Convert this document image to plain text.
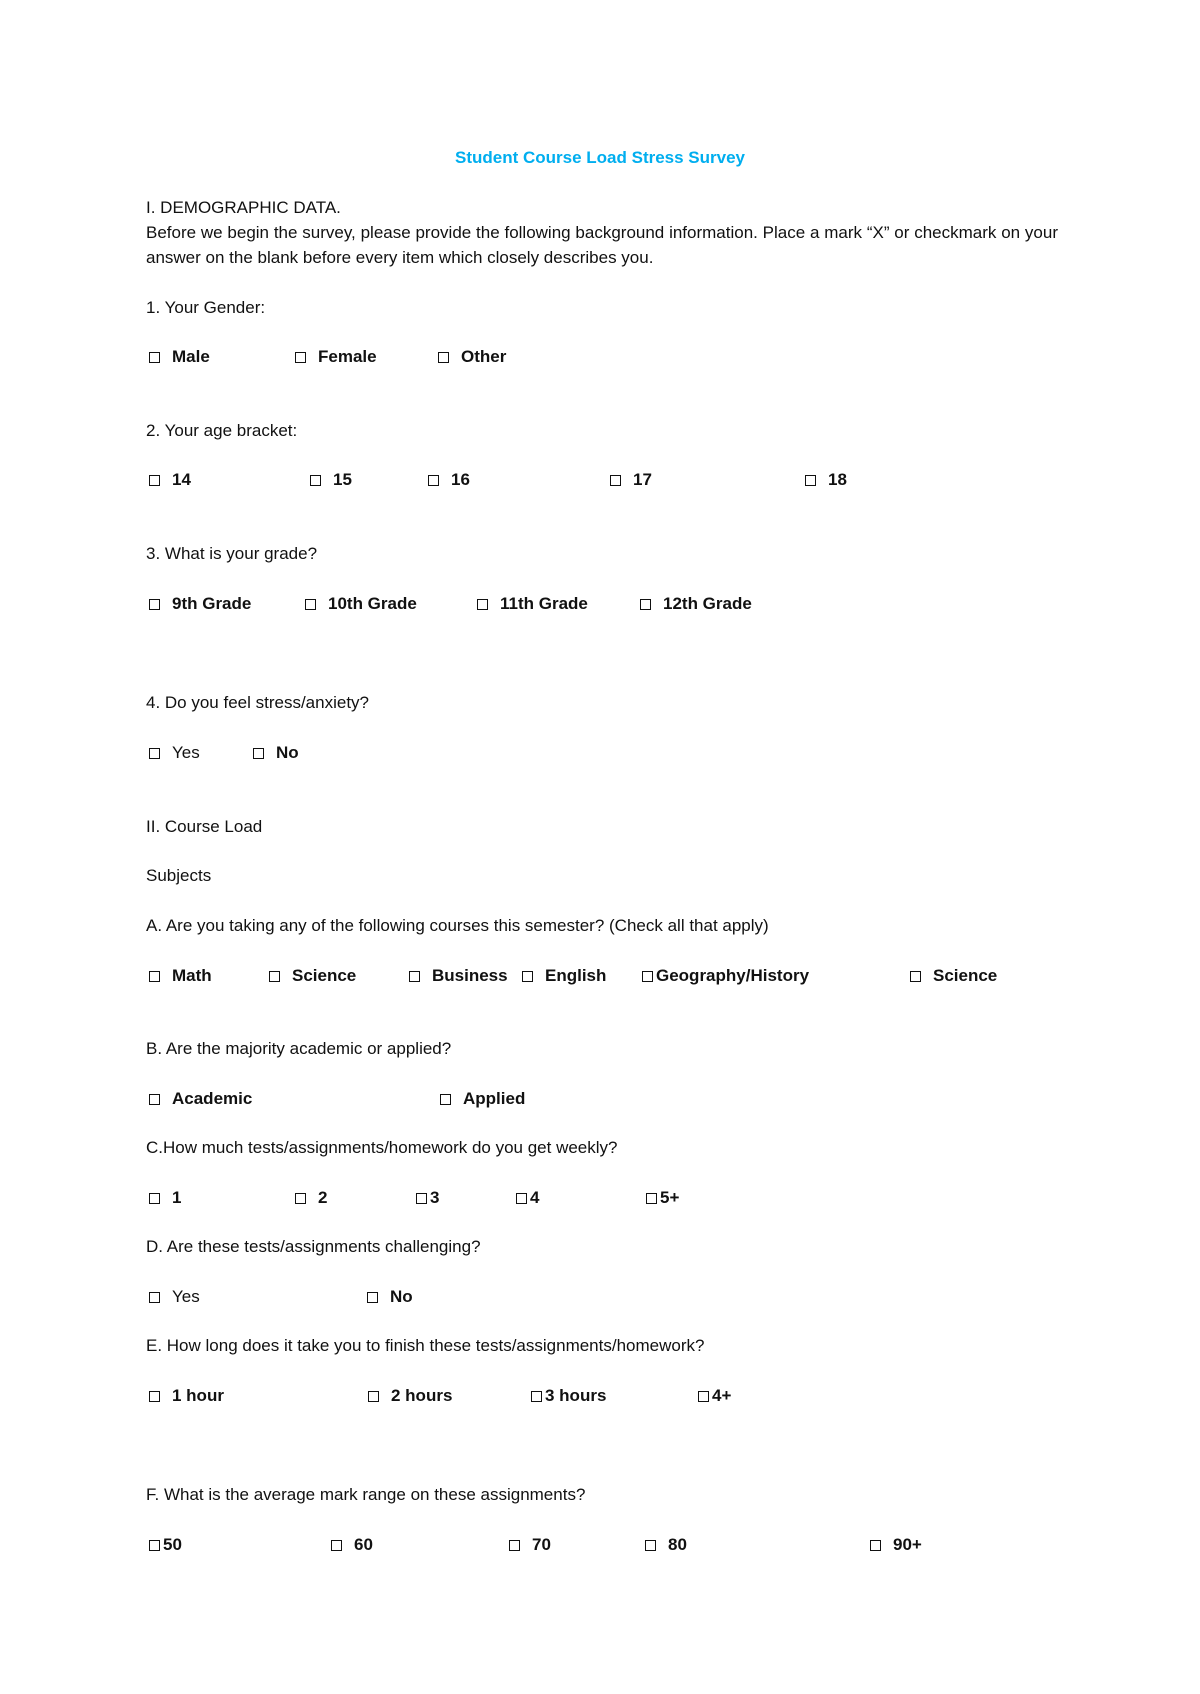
Student Course Load Stress Survey
I. DEMOGRAPHIC DATA.
Before we begin the survey, please provide the following background information. Place a mark “X” or checkmark on your answer on the blank before every item which closely describes you.
1. Your Gender:
Male	Female	Other
2. Your age bracket:
14	15	16	17	18
3. What is your grade?
9th Grade	10th Grade	11th Grade	12th Grade
4. Do you feel stress/anxiety?
Yes	No
II. Course Load
Subjects
A. Are you taking any of the following courses this semester? (Check all that apply)
Math	Science	Business English	Geography/History	Science
B. Are the majority academic or applied?
Academic	Applied
C.How much tests/assignments/homework do you get weekly?
1	2	3	4	5+
D. Are these tests/assignments challenging?
Yes	No
E. How long does it take you to finish these tests/assignments/homework?
1 hour	2 hours	3 hours	4+
F. What is the average mark range on these assignments?
50	60	70	80	90+
